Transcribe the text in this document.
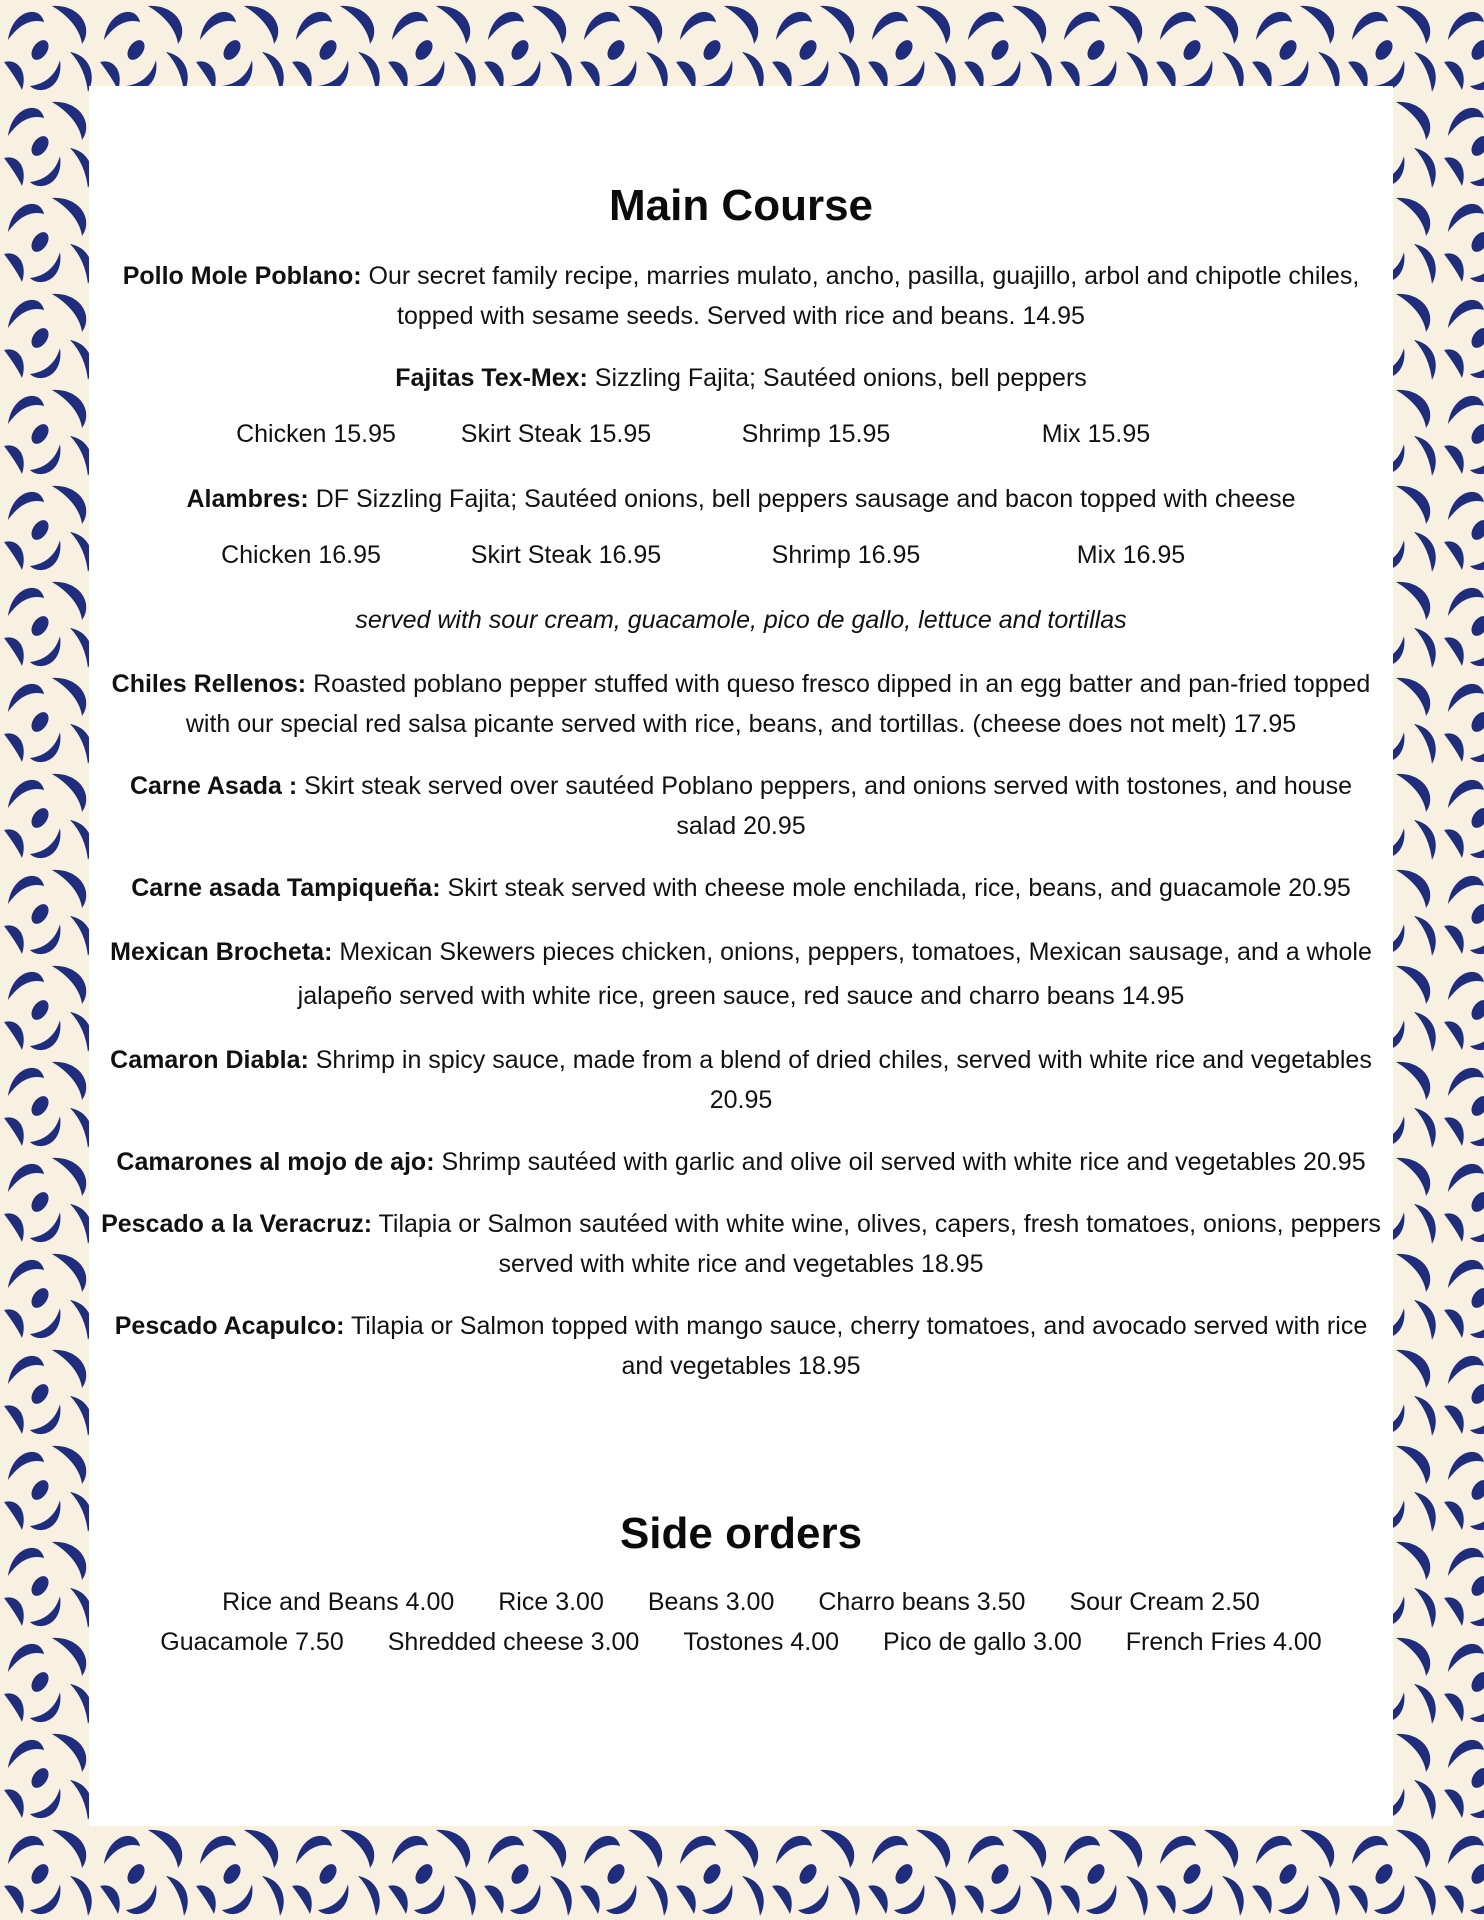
Main Course

Pollo Mole Poblano: Our secret family recipe, marries mulato, ancho, pasilla, guajillo, arbol and chipotle chiles, topped with sesame seeds. Served with rice and beans. 14.95

Fajitas Tex-Mex: Sizzling Fajita; Sautéed onions, bell peppers

Chicken 15.95	Skirt Steak 15.95	Shrimp 15.95	Mix 15.95

Alambres: DF Sizzling Fajita; Sautéed onions, bell peppers sausage and bacon topped with cheese

Chicken 16.95	Skirt Steak 16.95	Shrimp 16.95	Mix 16.95

served with sour cream, guacamole, pico de gallo, lettuce and tortillas

Chiles Rellenos: Roasted poblano pepper stuffed with queso fresco dipped in an egg batter and pan-fried topped with our special red salsa picante served with rice, beans, and tortillas. (cheese does not melt) 17.95

Carne Asada : Skirt steak served over sautéed Poblano peppers, and onions served with tostones, and house salad 20.95

Carne asada Tampiqueña: Skirt steak served with cheese mole enchilada, rice, beans, and guacamole 20.95

Mexican Brocheta: Mexican Skewers pieces chicken, onions, peppers, tomatoes, Mexican sausage, and a whole jalapeño served with white rice, green sauce, red sauce and charro beans 14.95

Camaron Diabla: Shrimp in spicy sauce, made from a blend of dried chiles, served with white rice and vegetables 20.95

Camarones al mojo de ajo: Shrimp sautéed with garlic and olive oil served with white rice and vegetables 20.95

Pescado a la Veracruz: Tilapia or Salmon sautéed with white wine, olives, capers, fresh tomatoes, onions, peppers served with white rice and vegetables 18.95

Pescado Acapulco: Tilapia or Salmon topped with mango sauce, cherry tomatoes, and avocado served with rice and vegetables 18.95

Side orders
Rice and Beans 4.00 Rice 3.00 Beans 3.00 Charro beans 3.50 Sour Cream 2.50
Guacamole 7.50 Shredded cheese 3.00 Tostones 4.00 Pico de gallo 3.00 French Fries 4.00
